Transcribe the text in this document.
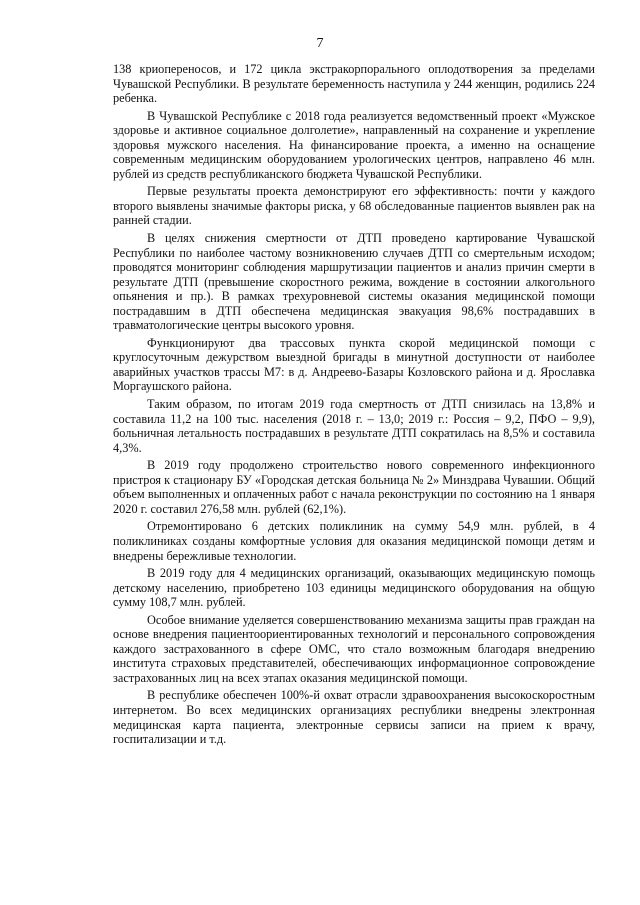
7

138 криопереносов, и 172 цикла экстракорпорального оплодотворения за пределами Чувашской Республики. В результате беременность наступила у 244 женщин, родились 224 ребенка.

В Чувашской Республике с 2018 года реализуется ведомственный проект «Мужское здоровье и активное социальное долголетие», направленный на сохранение и укрепление здоровья мужского населения. На финансирование проекта, а именно на оснащение современным медицинским оборудованием урологических центров, направлено 46 млн. рублей из средств республиканского бюджета Чувашской Республики.

Первые результаты проекта демонстрируют его эффективность: почти у каждого второго выявлены значимые факторы риска, у 68 обследованные пациентов выявлен рак на ранней стадии.

В целях снижения смертности от ДТП проведено картирование Чувашской Республики по наиболее частому возникновению случаев ДТП со смертельным исходом; проводятся мониторинг соблюдения маршрутизации пациентов и анализ причин смерти в результате ДТП (превышение скоростного режима, вождение в состоянии алкогольного опьянения и пр.). В рамках трехуровневой системы оказания медицинской помощи пострадавшим в ДТП обеспечена медицинская эвакуация 98,6% пострадавших в травматологические центры высокого уровня.

Функционируют два трассовых пункта скорой медицинской помощи с круглосуточным дежурством выездной бригады в минутной доступности от наиболее аварийных участков трассы М7: в д. Андреево-Базары Козловского района и д. Ярославка Моргаушского района.

Таким образом, по итогам 2019 года смертность от ДТП снизилась на 13,8% и составила 11,2 на 100 тыс. населения (2018 г. – 13,0; 2019 г.: Россия – 9,2, ПФО – 9,9), больничная летальность пострадавших в результате ДТП сократилась на 8,5% и составила 4,3%.

В 2019 году продолжено строительство нового современного инфекционного пристроя к стационару БУ «Городская детская больница № 2» Минздрава Чувашии. Общий объем выполненных и оплаченных работ с начала реконструкции по состоянию на 1 января 2020 г. составил 276,58 млн. рублей (62,1%).

Отремонтировано 6 детских поликлиник на сумму 54,9 млн. рублей, в 4 поликлиниках созданы комфортные условия для оказания медицинской помощи детям и внедрены бережливые технологии.

В 2019 году для 4 медицинских организаций, оказывающих медицинскую помощь детскому населению, приобретено 103 единицы медицинского оборудования на общую сумму 108,7 млн. рублей.

Особое внимание уделяется совершенствованию механизма защиты прав граждан на основе внедрения пациентоориентированных технологий и персонального сопровождения каждого застрахованного в сфере ОМС, что стало возможным благодаря внедрению института страховых представителей, обеспечивающих информационное сопровождение застрахованных лиц на всех этапах оказания медицинской помощи.

В республике обеспечен 100%-й охват отрасли здравоохранения высокоскоростным интернетом. Во всех медицинских организациях республики внедрены электронная медицинская карта пациента, электронные сервисы записи на прием к врачу, госпитализации и т.д.
